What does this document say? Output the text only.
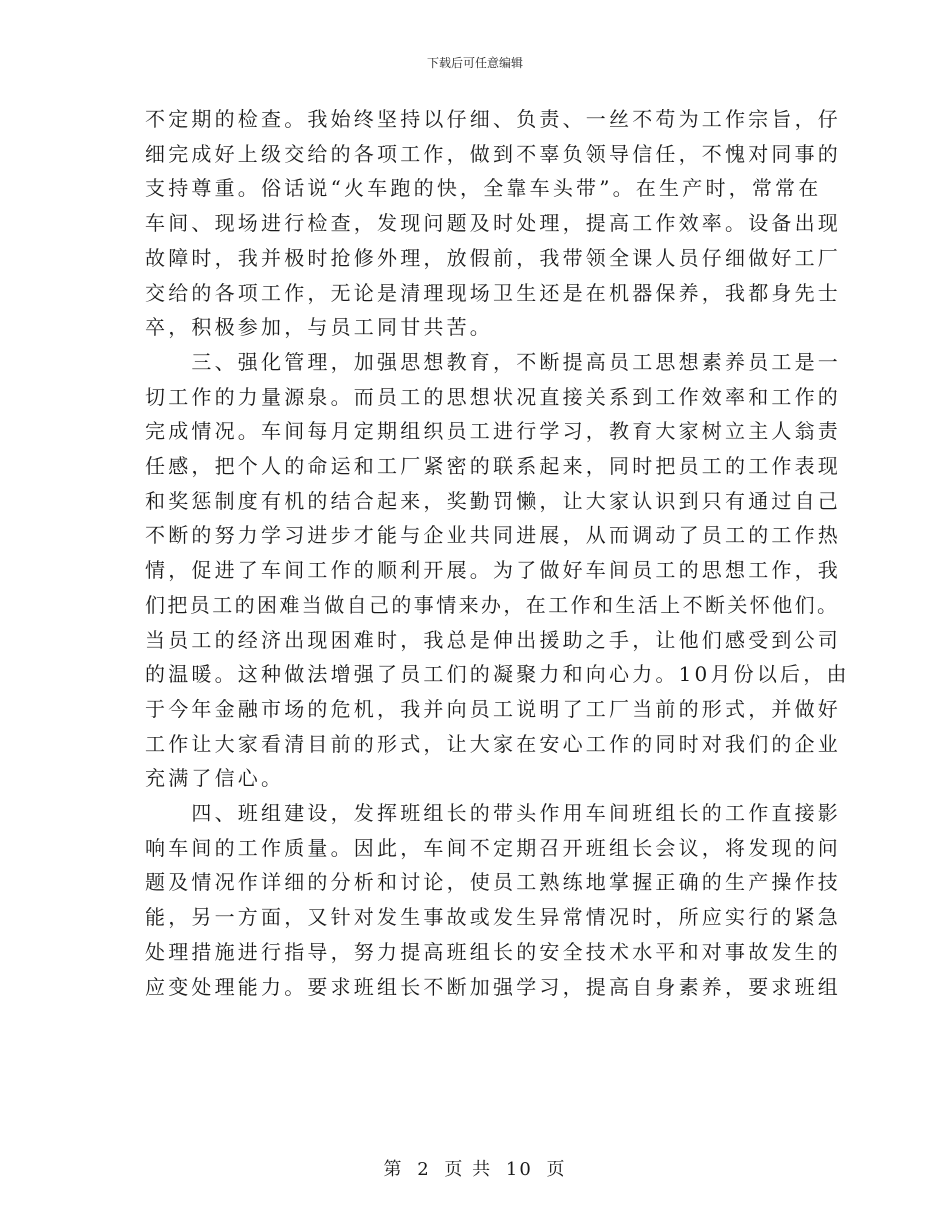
下载后可任意编辑
不定期的检查。我始终坚持以仔细、负责、一丝不苟为工作宗旨，仔
细完成好上级交给的各项工作，做到不辜负领导信任，不愧对同事的
支持尊重。俗话说“火车跑的快，全靠车头带”。在生产时，常常在
车间、现场进行检查，发现问题及时处理，提高工作效率。设备出现
故障时，我并极时抢修外理，放假前，我带领全课人员仔细做好工厂
交给的各项工作，无论是清理现场卫生还是在机器保养，我都身先士
卒，积极参加，与员工同甘共苦。
　　三、强化管理，加强思想教育，不断提高员工思想素养员工是一
切工作的力量源泉。而员工的思想状况直接关系到工作效率和工作的
完成情况。车间每月定期组织员工进行学习，教育大家树立主人翁责
任感，把个人的命运和工厂紧密的联系起来，同时把员工的工作表现
和奖惩制度有机的结合起来，奖勤罚懒，让大家认识到只有通过自己
不断的努力学习进步才能与企业共同进展，从而调动了员工的工作热
情，促进了车间工作的顺利开展。为了做好车间员工的思想工作，我
们把员工的困难当做自己的事情来办，在工作和生活上不断关怀他们。
当员工的经济出现困难时，我总是伸出援助之手，让他们感受到公司
的温暖。这种做法增强了员工们的凝聚力和向心力。10月份以后，由
于今年金融市场的危机，我并向员工说明了工厂当前的形式，并做好
工作让大家看清目前的形式，让大家在安心工作的同时对我们的企业
充满了信心。
　　四、班组建设，发挥班组长的带头作用车间班组长的工作直接影
响车间的工作质量。因此，车间不定期召开班组长会议，将发现的问
题及情况作详细的分析和讨论，使员工熟练地掌握正确的生产操作技
能，另一方面，又针对发生事故或发生异常情况时，所应实行的紧急
处理措施进行指导，努力提高班组长的安全技术水平和对事故发生的
应变处理能力。要求班组长不断加强学习，提高自身素养，要求班组
第 2 页 共 10 页
